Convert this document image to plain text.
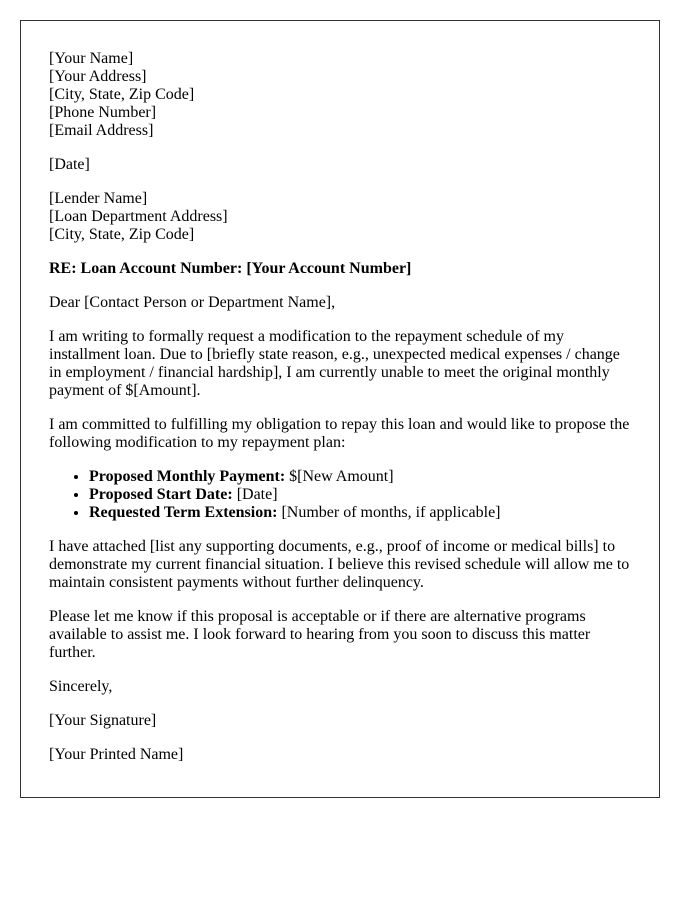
[Your Name]
[Your Address]
[City, State, Zip Code]
[Phone Number]
[Email Address]

[Date]

[Lender Name]
[Loan Department Address]
[City, State, Zip Code]

RE: Loan Account Number: [Your Account Number]

Dear [Contact Person or Department Name],

I am writing to formally request a modification to the repayment schedule of my installment loan. Due to [briefly state reason, e.g., unexpected medical expenses / change in employment / financial hardship], I am currently unable to meet the original monthly payment of $[Amount].

I am committed to fulfilling my obligation to repay this loan and would like to propose the following modification to my repayment plan:

• Proposed Monthly Payment: $[New Amount]
• Proposed Start Date: [Date]
• Requested Term Extension: [Number of months, if applicable]

I have attached [list any supporting documents, e.g., proof of income or medical bills] to demonstrate my current financial situation. I believe this revised schedule will allow me to maintain consistent payments without further delinquency.

Please let me know if this proposal is acceptable or if there are alternative programs available to assist me. I look forward to hearing from you soon to discuss this matter further.

Sincerely,

[Your Signature]

[Your Printed Name]
